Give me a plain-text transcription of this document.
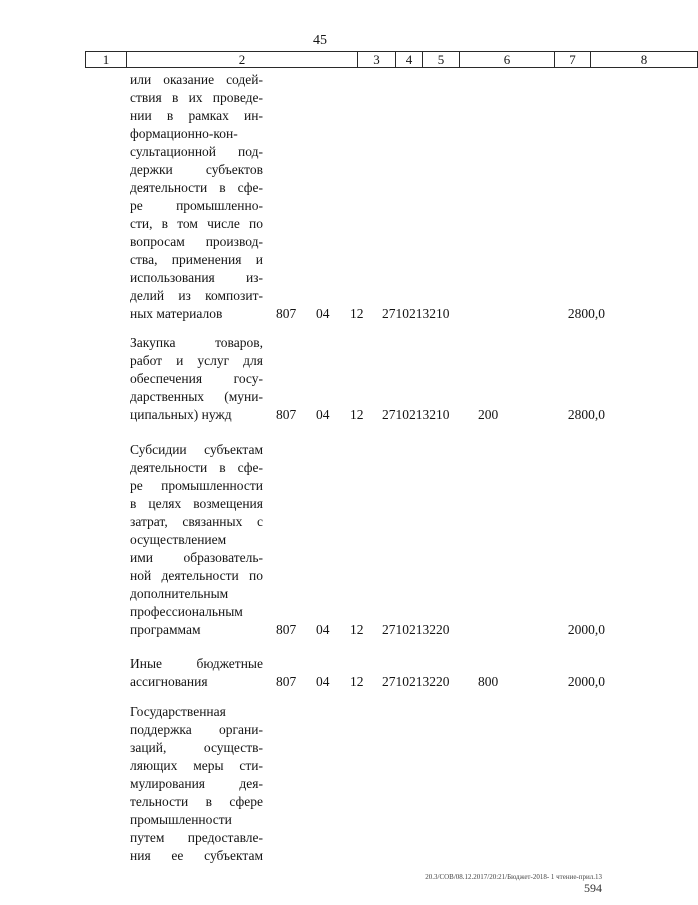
45
1	2	3	4	5	6	7	8
или оказание содей-
ствия в их проведе-
нии в рамках ин-
формационно-кон-
сультационной под-
держки субъектов
деятельности в сфе-
ре промышленно-
сти, в том числе по
вопросам производ-
ства, применения и
использования из-
делий из композит-
ных материалов	807 04 12 2710213210	2800,0
Закупка товаров,
работ и услуг для
обеспечения госу-
дарственных (муни-
ципальных) нужд	807 04 12 2710213210 200	2800,0
Субсидии субъектам
деятельности в сфе-
ре промышленности
в целях возмещения
затрат, связанных с
осуществлением
ими образователь-
ной деятельности по
дополнительным
профессиональным
программам	807 04 12 2710213220	2000,0
Иные бюджетные
ассигнования	807 04 12 2710213220 800	2000,0
Государственная
поддержка органи-
заций, осуществ-
ляющих меры сти-
мулирования дея-
тельности в сфере
промышленности
путем предоставле-
ния ее субъектам
20.3/СОВ/08.12.2017/20:21/Бюджет-2018- 1 чтение-прил.13
594
